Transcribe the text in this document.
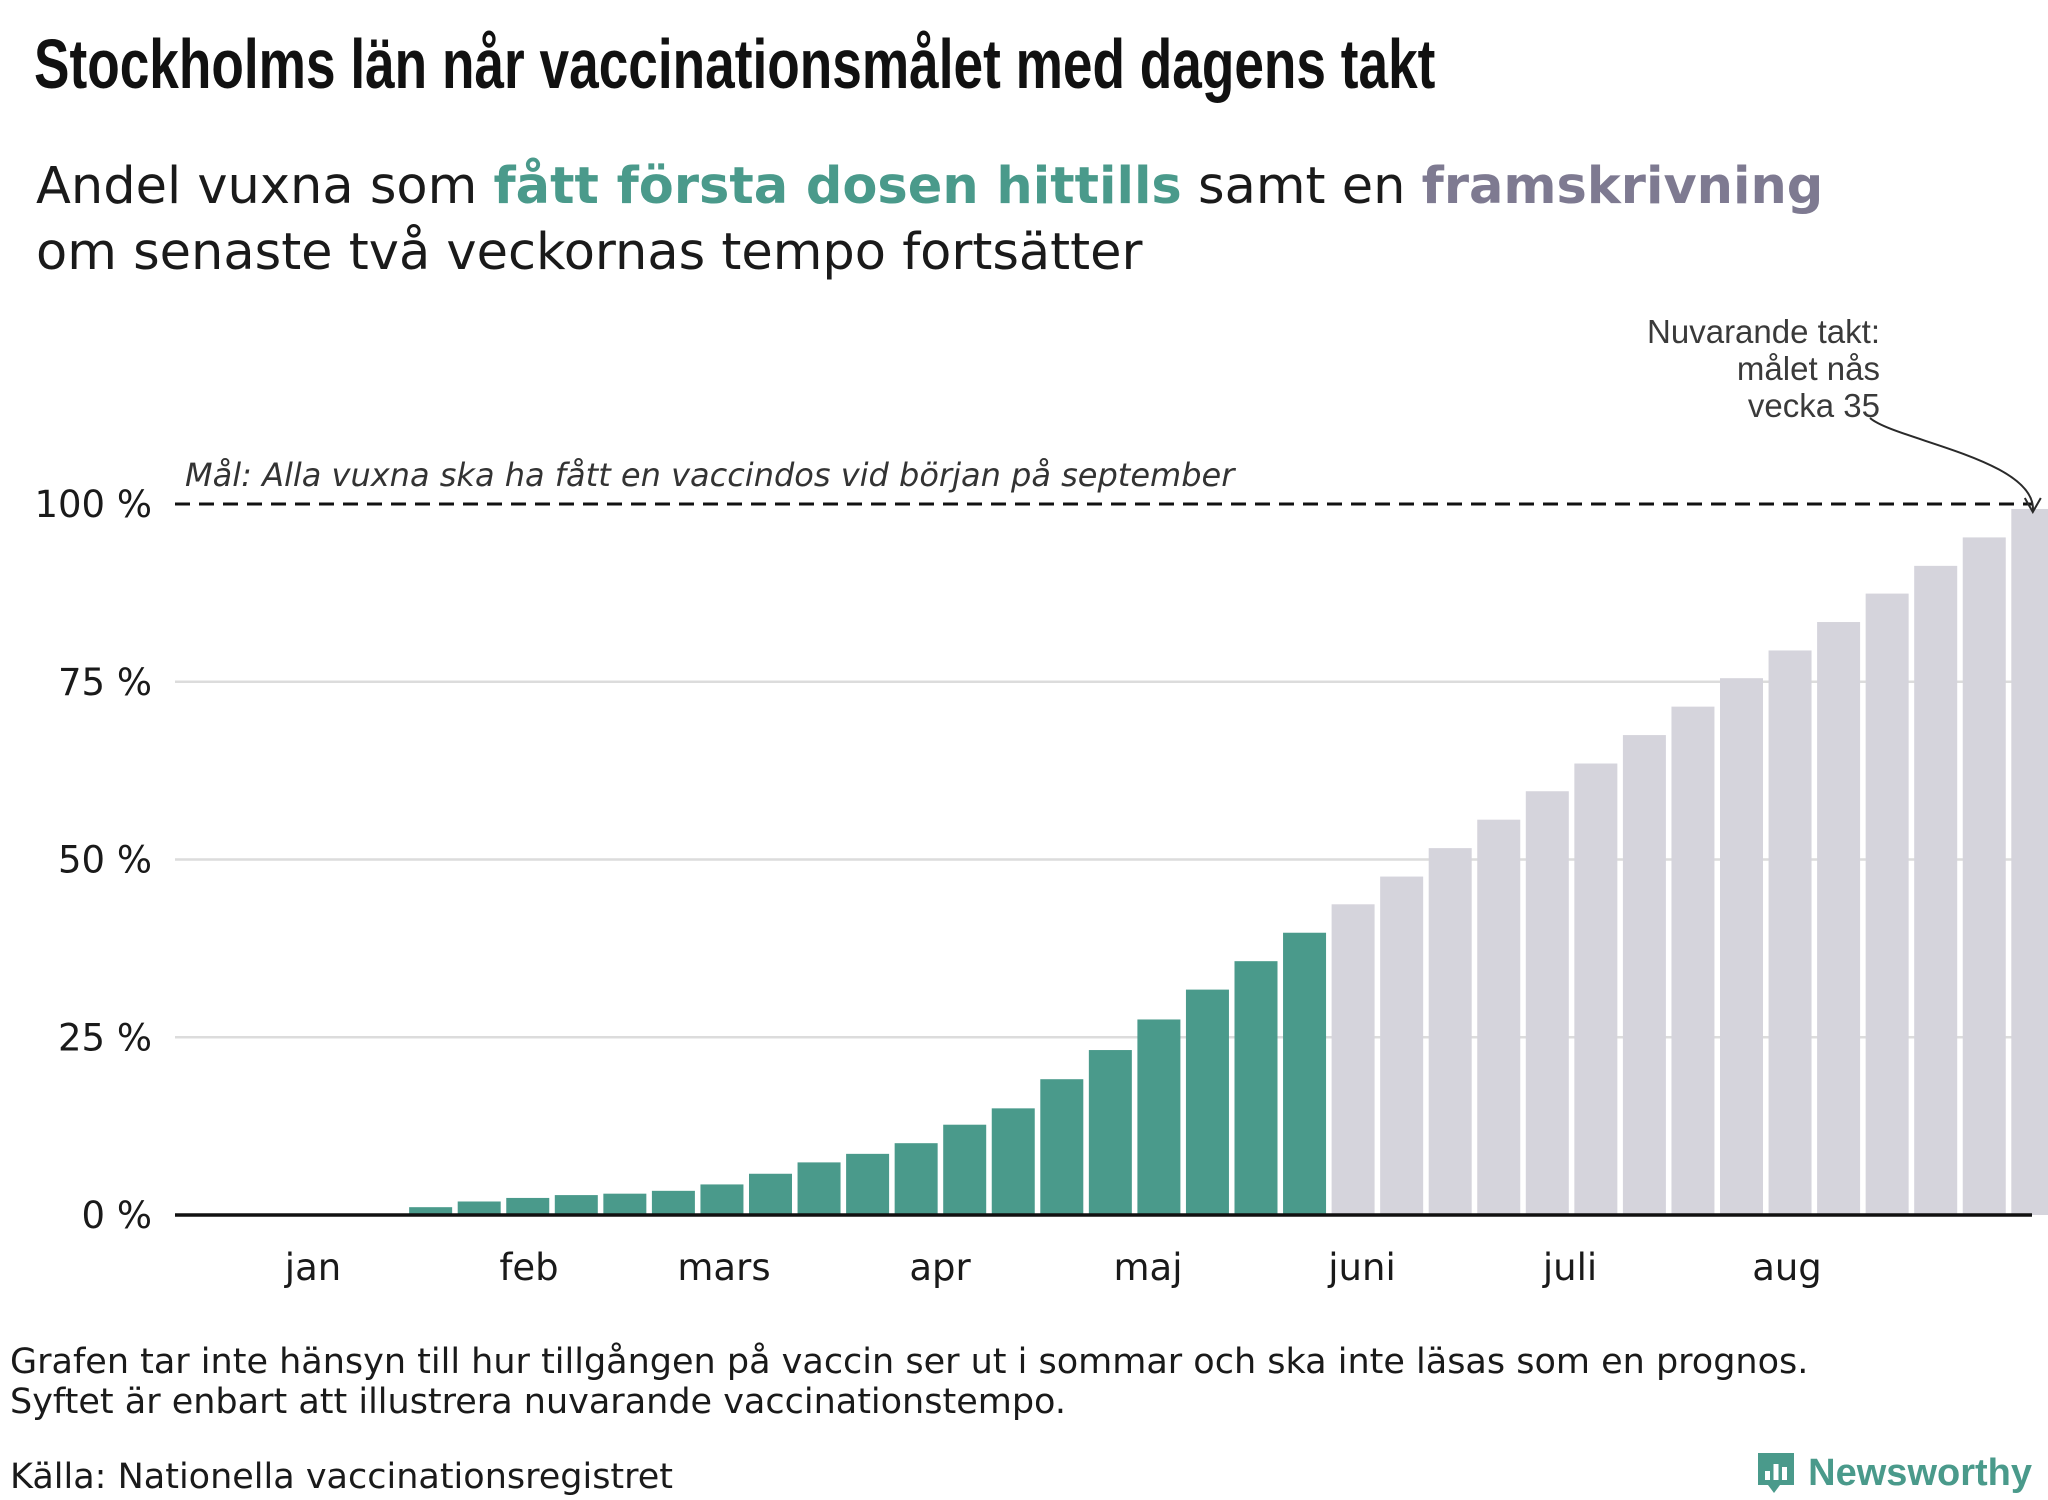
Stockholms län når vaccinationsmålet med dagens takt
Andel vuxna som fått första dosen hittills samt en framskrivning
om senaste två veckornas tempo fortsätter
0 %
25 %
50 %
75 %
100 %
Mål: Alla vuxna ska ha fått en vaccindos vid början på september
jan	feb	mars	apr	maj	juni	juli	aug
Nuvarande takt:
målet nås
vecka 35
Grafen tar inte hänsyn till hur tillgången på vaccin ser ut i sommar och ska inte läsas som en prognos.
Syftet är enbart att illustrera nuvarande vaccinationstempo.
Källa: Nationella vaccinationsregistret	Newsworthy
